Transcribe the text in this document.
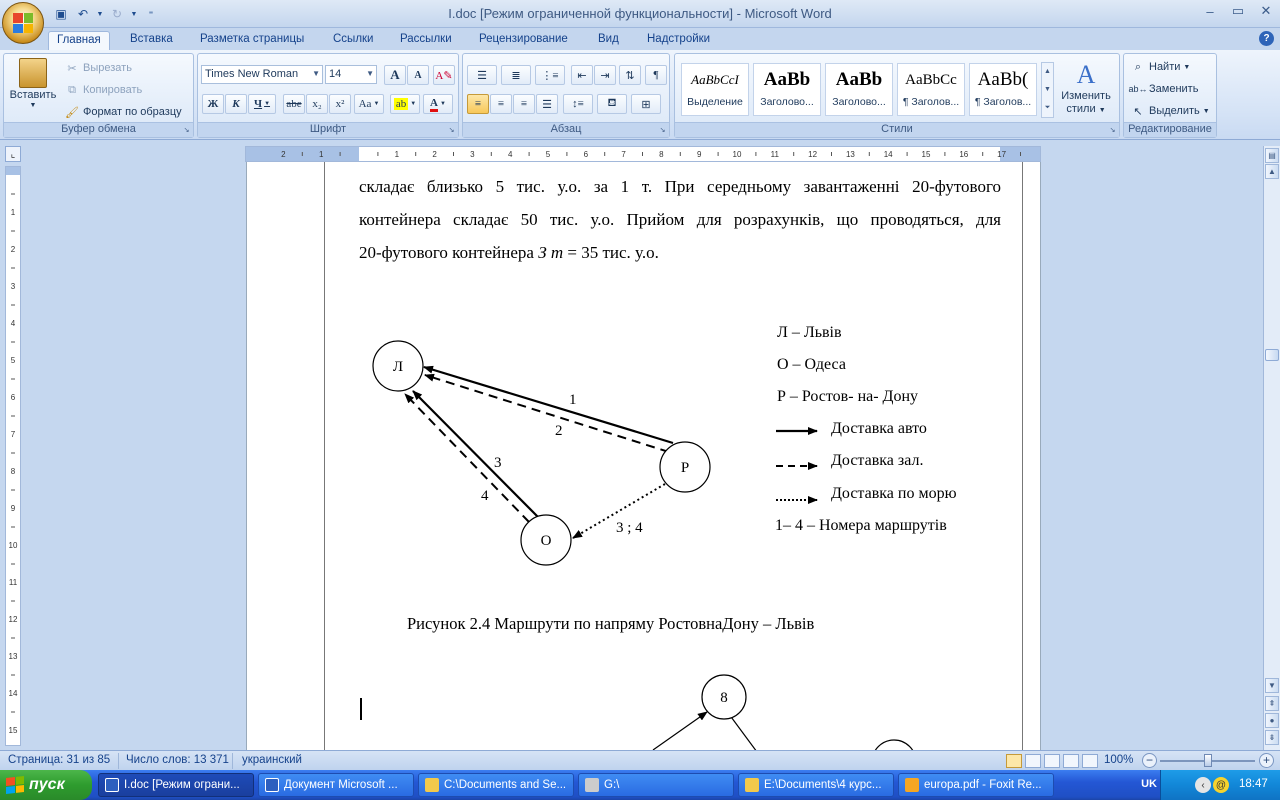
▣ ↶	▼ ↻	▼	⁼	I.doc [Режим ограниченной функциональности] - Microsoft Word	–	▭	✕
Главная	Вставка	Разметка страницы	Ссылки	Рассылки	Рецензирование	Вид	Надстройки	?
Вставить
▼
✂ Вырезать
⧉ Копировать
🖌 Формат по образцу
Буфер обмена	↘
Times New Roman ▼ 14	▼ A A A✎
Ж К Ч ▼ abe x₂ x² Aa ▼ ab ▼ A ▼
Шрифт	↘
☰ ≣ ⋮≡ ⇤ ⇥ ⇅ ¶
≡ ≡ ≡ ☰ ↕≡ ⛾ ⊞
Абзац	↘
AaBbCcI
Выделение
AaBb
Заголово...
AaBb
Заголово...
AaBbCc
¶ Заголов...
AaBb(
¶ Заголов...
▲
▼
⏷
A
Изменить
стили ▼
Стили	↘
⌕ Найти ▼
ab↔ Заменить
↖ Выделить ▼
Редактирование
⌞	2	1	1	2	3	4	5	6	7	8	9	10	11	12	13	14	15	16	17
1
2
3
4
5
6
7
8
9
10
11
12
13
14
15
складає близько 5 тис. у.о. за 1 т. При середньому завантаженні 20-футового
контейнера складає 50 тис. у.о. Прийом для розрахунків, що проводяться, для
20-футового контейнера З т = 35 тис. у.о.
Л
Р
О
1
2
3
4
3 ; 4
8
Л – Львів
О – Одеса
Р – Ростов- на- Дону
Доставка авто
Доставка зал.
Доставка по морю
1– 4 – Номера маршрутів
Рисунок 2.4 Маршрути по напряму РостовнаДону – Львів
▤
▲
▼
⇞
●
⇟
Страница: 31 из 85 Число слов: 13 371 украинский	100%	−	+
пуск	I.doc [Режим ограни...	Документ Microsoft ...	C:\Documents and Se...	G:\	E:\Documents\4 курс...	europa.pdf - Foxit Re...	UK	‹	@ 18:47
